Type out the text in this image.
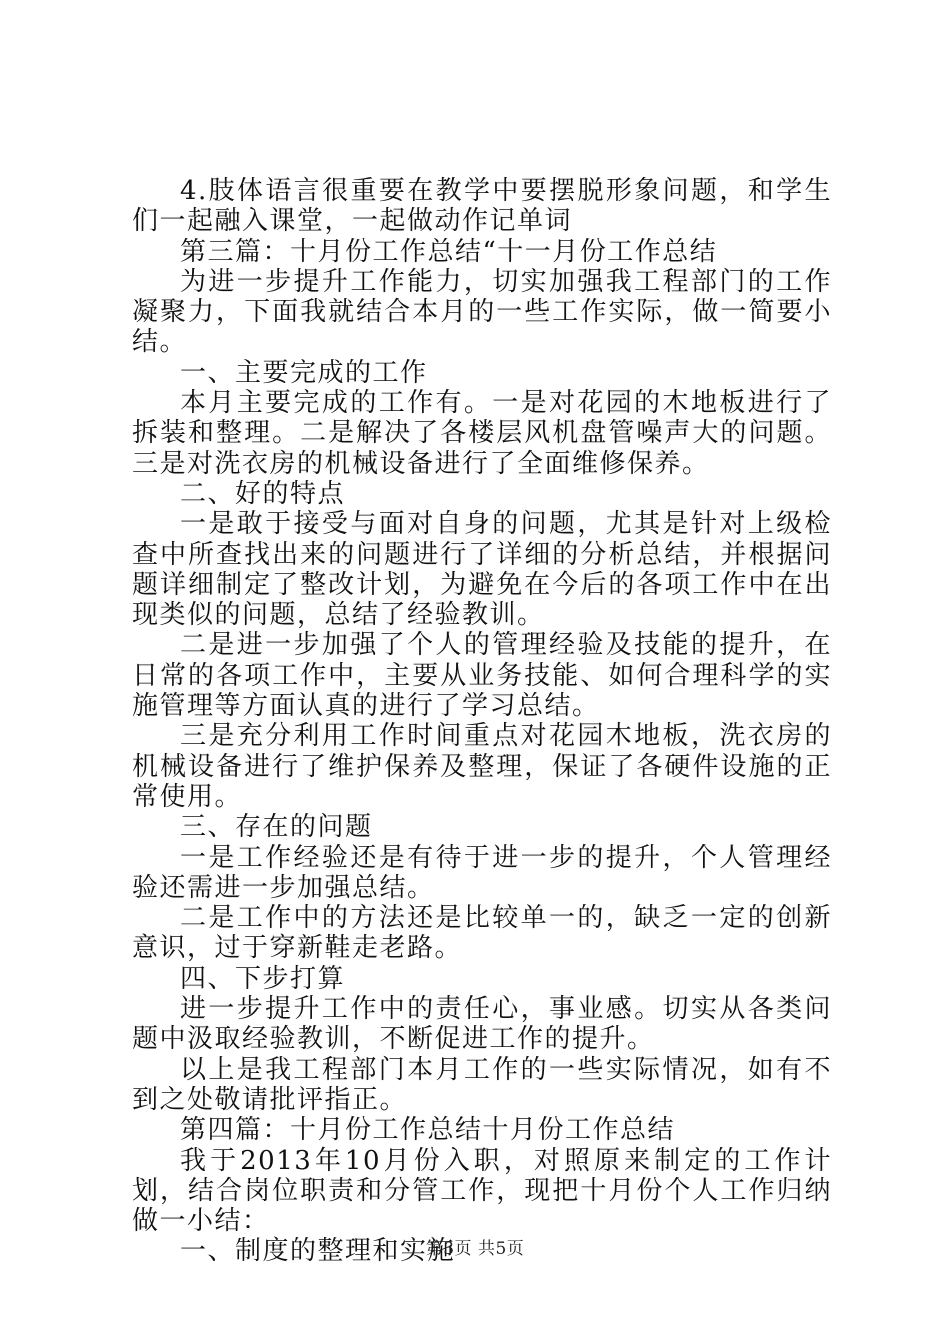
4.肢体语言很重要在教学中要摆脱形象问题，和学生们一起融入课堂，一起做动作记单词

第三篇：十月份工作总结“十一月份工作总结

为进一步提升工作能力，切实加强我工程部门的工作凝聚力，下面我就结合本月的一些工作实际，做一简要小结。

一、主要完成的工作

本月主要完成的工作有。一是对花园的木地板进行了拆装和整理。二是解决了各楼层风机盘管噪声大的问题。三是对洗衣房的机械设备进行了全面维修保养。

二、好的特点

一是敢于接受与面对自身的问题，尤其是针对上级检查中所查找出来的问题进行了详细的分析总结，并根据问题详细制定了整改计划，为避免在今后的各项工作中在出现类似的问题，总结了经验教训。

二是进一步加强了个人的管理经验及技能的提升，在日常的各项工作中，主要从业务技能、如何合理科学的实施管理等方面认真的进行了学习总结。

三是充分利用工作时间重点对花园木地板，洗衣房的机械设备进行了维护保养及整理，保证了各硬件设施的正常使用。

三、存在的问题

一是工作经验还是有待于进一步的提升，个人管理经验还需进一步加强总结。

二是工作中的方法还是比较单一的，缺乏一定的创新意识，过于穿新鞋走老路。

四、下步打算

进一步提升工作中的责任心，事业感。切实从各类问题中汲取经验教训，不断促进工作的提升。

以上是我工程部门本月工作的一些实际情况，如有不到之处敬请批评指正。

第四篇：十月份工作总结十月份工作总结

我于2013年10月份入职，对照原来制定的工作计划，结合岗位职责和分管工作，现把十月份个人工作归纳做一小结：

一、制度的整理和实施

第3页 共5页
